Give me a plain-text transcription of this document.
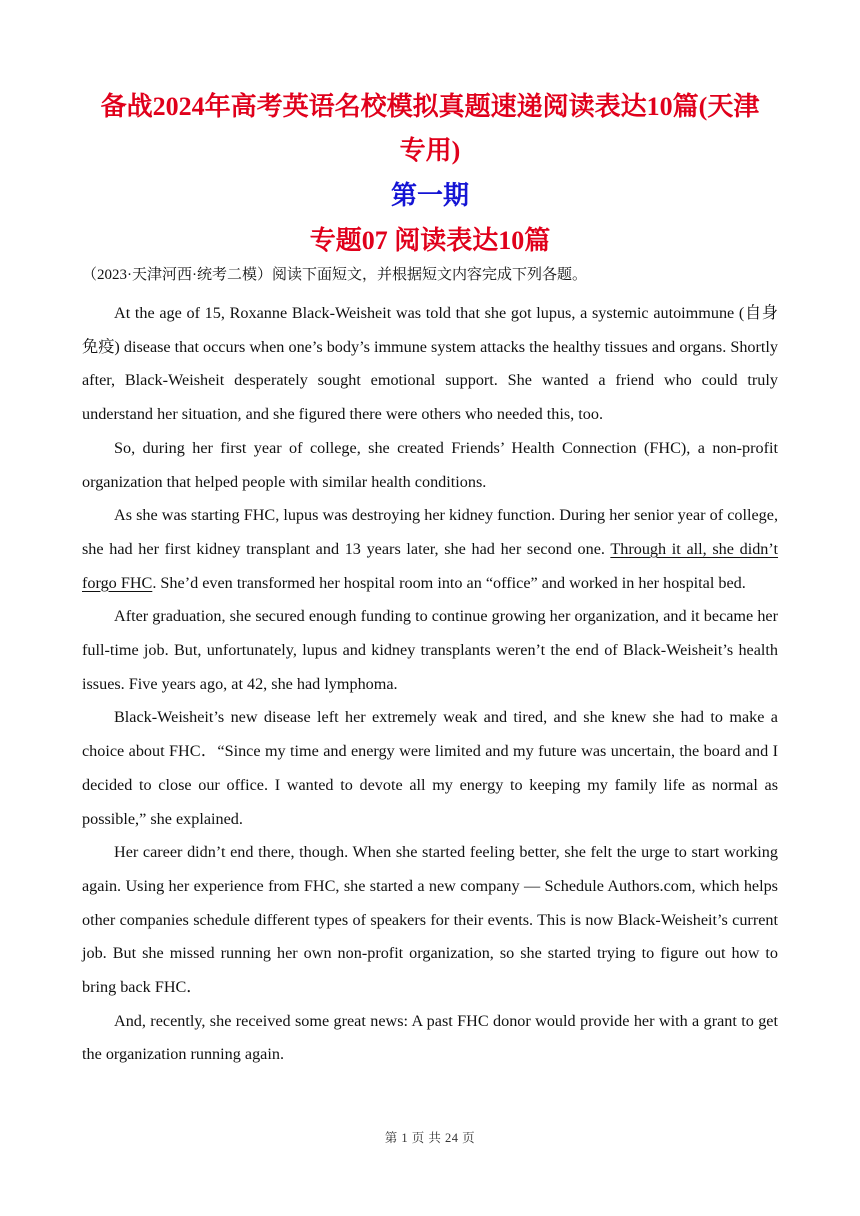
备战2024年高考英语名校模拟真题速递阅读表达10篇(天津
专用)
第一期
专题07 阅读表达10篇
（2023·天津河西·统考二模）阅读下面短文，并根据短文内容完成下列各题。

At the age of 15, Roxanne Black-Weisheit was told that she got lupus, a systemic autoimmune (自身免疫) disease that occurs when one’s body’s immune system attacks the healthy tissues and organs. Shortly after, Black-Weisheit desperately sought emotional support. She wanted a friend who could truly understand her situation, and she figured there were others who needed this, too.

So, during her first year of college, she created Friends’ Health Connection (FHC), a non-profit organization that helped people with similar health conditions.

As she was starting FHC, lupus was destroying her kidney function. During her senior year of college, she had her first kidney transplant and 13 years later, she had her second one. Through it all, she didn’t forgo FHC. She’d even transformed her hospital room into an “office” and worked in her hospital bed.

After graduation, she secured enough funding to continue growing her organization, and it became her full-time job. But, unfortunately, lupus and kidney transplants weren’t the end of Black-Weisheit’s health issues. Five years ago, at 42, she had lymphoma.

Black-Weisheit’s new disease left her extremely weak and tired, and she knew she had to make a choice about FHC．“Since my time and energy were limited and my future was uncertain, the board and I decided to close our office. I wanted to devote all my energy to keeping my family life as normal as possible,” she explained.

Her career didn’t end there, though. When she started feeling better, she felt the urge to start working again. Using her experience from FHC, she started a new company — Schedule Authors.com, which helps other companies schedule different types of speakers for their events. This is now Black-Weisheit’s current job. But she missed running her own non-profit organization, so she started trying to figure out how to bring back FHC．

And, recently, she received some great news: A past FHC donor would provide her with a grant to get the organization running again.

第 1 页 共 24 页
